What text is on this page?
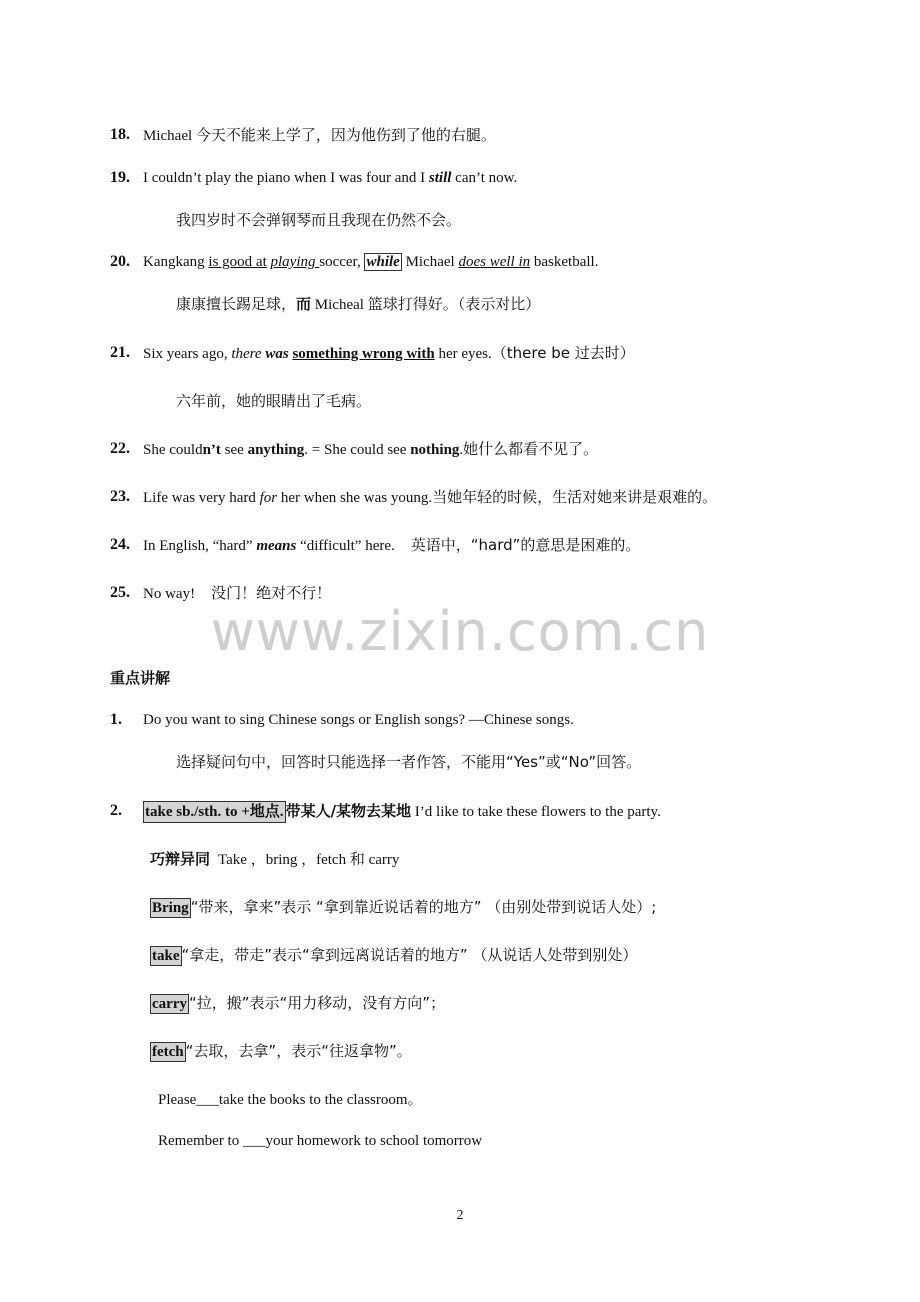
18. Michael 今天不能来上学了，因为他伤到了他的右腿。
19. I couldn’t play the piano when I was four and I still can’t now.
我四岁时不会弹钢琴而且我现在仍然不会。
20. Kangkang is good at playing soccer, while Michael does well in basketball.
康康擅长踢足球，而 Micheal 篮球打得好。（表示对比）
21. Six years ago, there was something wrong with her eyes.（there be 过去时）
六年前，她的眼睛出了毛病。
22. She couldn’t see anything. = She could see nothing.她什么都看不见了。
23. Life was very hard for her when she was young.当她年轻的时候，生活对她来讲是艰难的。
24. In English, “hard” means “difficult” here. 英语中，“hard”的意思是困难的。
25. No way! 没门！绝对不行！
www.zixin.com.cn
重点讲解
1. Do you want to sing Chinese songs or English songs? —Chinese songs.
选择疑问句中，回答时只能选择一者作答，不能用“Yes”或“No”回答。
2. take sb./sth. to +地点. 带某人/某物去某地 I’d like to take these flowers to the party.
巧辩异同 Take ，bring ，fetch 和 carry
Bring “带来，拿来”表示 “拿到靠近说话着的地方” （由别处带到说话人处）;
take “拿走，带走”表示“拿到远离说话着的地方” （从说话人处带到别处）
carry “拉，搬”表示“用力移动，没有方向”；
fetch “去取，去拿”，表示“往返拿物”。
Please___take the books to the classroom。
Remember to ___your homework to school tomorrow
2
